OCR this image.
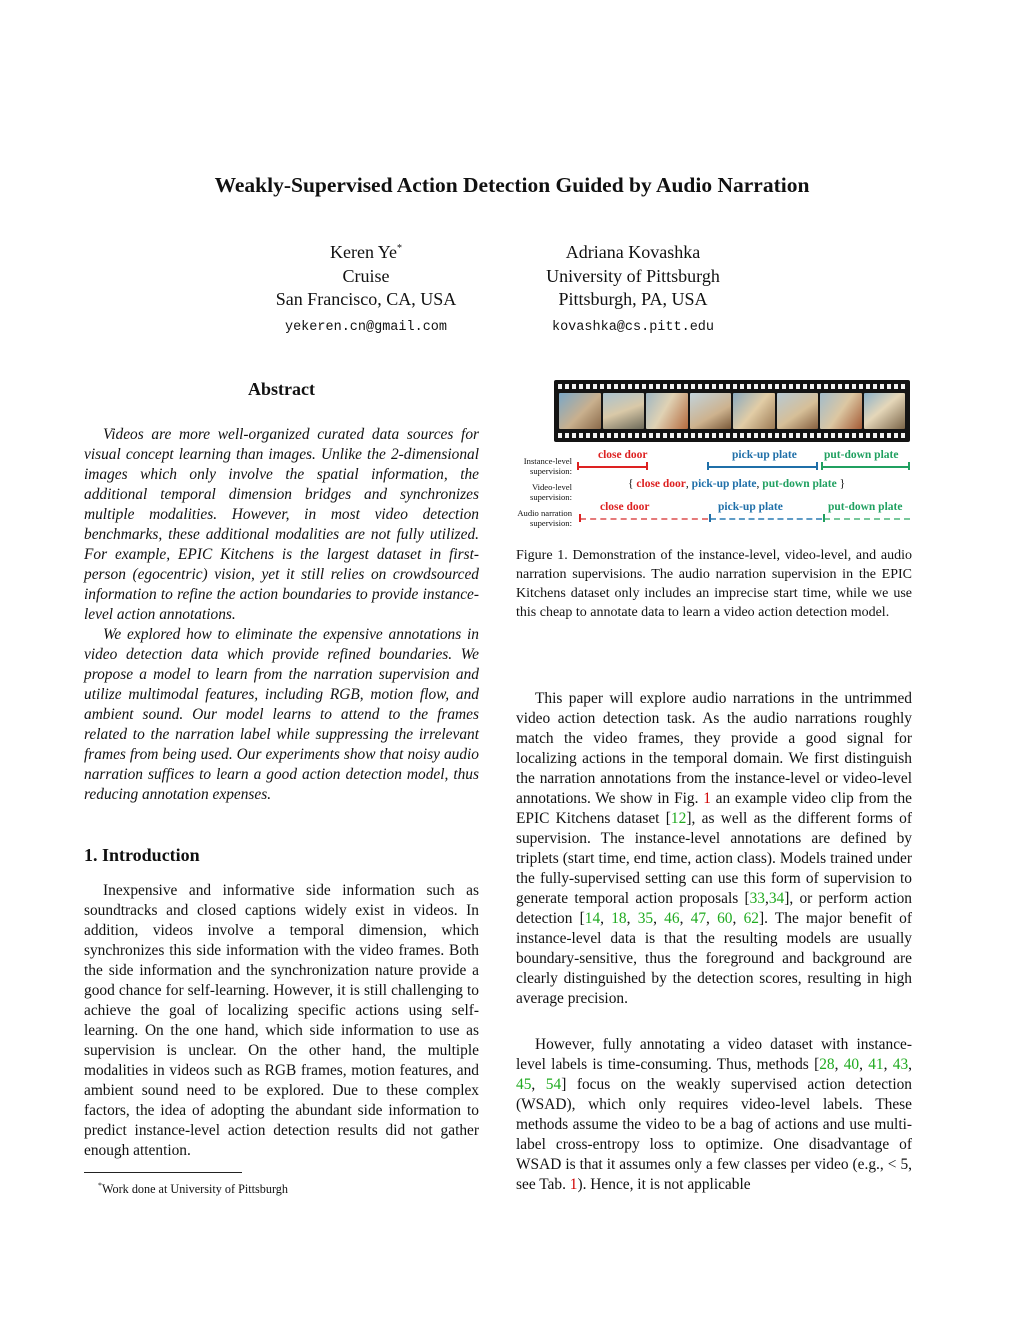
Weakly-Supervised Action Detection Guided by Audio Narration
Keren Ye*
Cruise
San Francisco, CA, USA
yekeren.cn@gmail.com
Adriana Kovashka
University of Pittsburgh
Pittsburgh, PA, USA
kovashka@cs.pitt.edu
Abstract

Videos are more well-organized curated data sources for visual concept learning than images. Unlike the 2-dimensional images which only involve the spatial information, the additional temporal dimension bridges and synchronizes multiple modalities. However, in most video detection benchmarks, these additional modalities are not fully utilized. For example, EPIC Kitchens is the largest dataset in first-person (egocentric) vision, yet it still relies on crowdsourced information to refine the action boundaries to provide instance-level action annotations.

We explored how to eliminate the expensive annotations in video detection data which provide refined boundaries. We propose a model to learn from the narration supervision and utilize multimodal features, including RGB, motion flow, and ambient sound. Our model learns to attend to the frames related to the narration label while suppressing the irrelevant frames from being used. Our experiments show that noisy audio narration suffices to learn a good action detection model, thus reducing annotation expenses.

1. Introduction

Inexpensive and informative side information such as soundtracks and closed captions widely exist in videos. In addition, videos involve a temporal dimension, which synchronizes this side information with the video frames. Both the side information and the synchronization nature provide a good chance for self-learning. However, it is still challenging to achieve the goal of localizing specific actions using self-learning. On the one hand, which side information to use as supervision is unclear. On the other hand, the multiple modalities in videos such as RGB frames, motion features, and ambient sound need to be explored. Due to these complex factors, the idea of adopting the abundant side information to predict instance-level action detection results did not gather enough attention.

*Work done at University of Pittsburgh

Instance-level
supervision:
Video-level
supervision:
Audio narration
supervision:
close door	pick-up plate put-down plate
{ close door, pick-up plate, put-down plate }
close door	pick-up plate	put-down plate

Figure 1. Demonstration of the instance-level, video-level, and audio narration supervisions. The audio narration supervision in the EPIC Kitchens dataset only includes an imprecise start time, while we use this cheap to annotate data to learn a video action detection model.

This paper will explore audio narrations in the untrimmed video action detection task. As the audio narrations roughly match the video frames, they provide a good signal for localizing actions in the temporal domain. We first distinguish the narration annotations from the instance-level or video-level annotations. We show in Fig. 1 an example video clip from the EPIC Kitchens dataset [12], as well as the different forms of supervision. The instance-level annotations are defined by triplets (start time, end time, action class). Models trained under the fully-supervised setting can use this form of supervision to generate temporal action proposals [33,34], or perform action detection [14, 18, 35, 46, 47, 60, 62]. The major benefit of instance-level data is that the resulting models are usually boundary-sensitive, thus the foreground and background are clearly distinguished by the detection scores, resulting in high average precision.

However, fully annotating a video dataset with instance-level labels is time-consuming. Thus, methods [28, 40, 41, 43, 45, 54] focus on the weakly supervised action detection (WSAD), which only requires video-level labels. These methods assume the video to be a bag of actions and use multi-label cross-entropy loss to optimize. One disadvantage of WSAD is that it assumes only a few classes per video (e.g., < 5, see Tab. 1). Hence, it is not applicable
